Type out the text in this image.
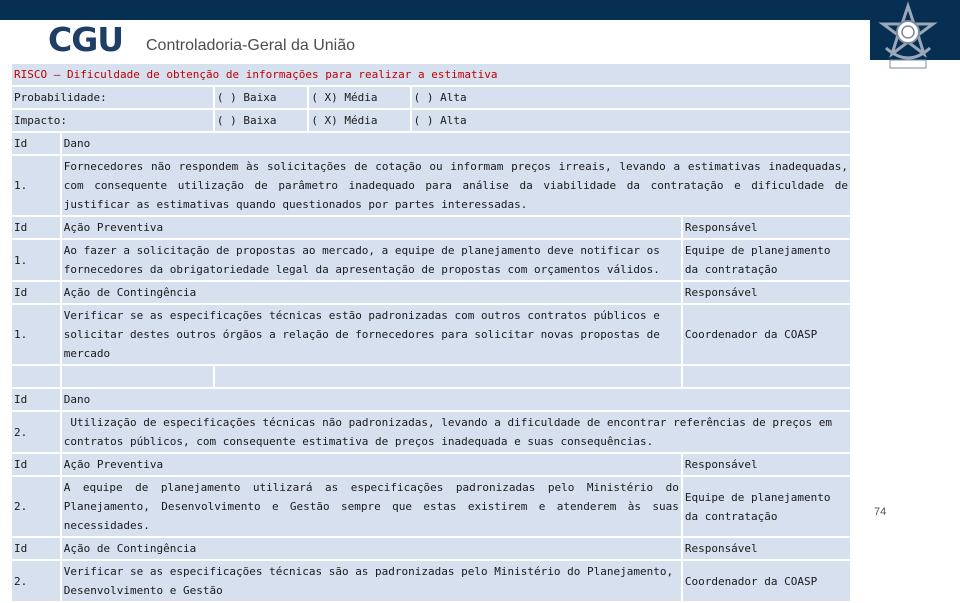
CGU Controladoria-Geral da União
RISCO – Dificuldade de obtenção de informações para realizar a estimativa					
Probabilidade:		( ) Baixa	( X) Média	( ) Alta	
Impacto:		( ) Baixa	( X) Média	( ) Alta	
Id	Dano				
1.	Fornecedores não respondem às solicitações de cotação ou informam preços irreais, levando a estimativas inadequadas, com consequente utilização de parâmetro inadequado para análise da viabilidade da contratação e dificuldade de justificar as estimativas quando questionados por partes interessadas.				
Id	Ação Preventiva				Responsável
1.	Ao fazer a solicitação de propostas ao mercado, a equipe de planejamento deve notificar os fornecedores da obrigatoriedade legal da apresentação de propostas com orçamentos válidos.				Equipe de planejamento da contratação
Id	Ação de Contingência				Responsável
1.	Verificar se as especificações técnicas estão padronizadas com outros contratos públicos e solicitar destes outros órgãos a relação de fornecedores para solicitar novas propostas de mercado				Coordenador da COASP

Id	Dano				
2.	Utilização de especificações técnicas não padronizadas, levando a dificuldade de encontrar referências de preços em contratos públicos, com consequente estimativa de preços inadequada e suas consequências.				
Id	Ação Preventiva				Responsável
2.	A equipe de planejamento utilizará as especificações padronizadas pelo Ministério do Planejamento, Desenvolvimento e Gestão sempre que estas existirem e atenderem às suas necessidades.				Equipe de planejamento da contratação
Id	Ação de Contingência				Responsável
2.	Verificar se as especificações técnicas são as padronizadas pelo Ministério do Planejamento, Desenvolvimento e Gestão				Coordenador da COASP
74
